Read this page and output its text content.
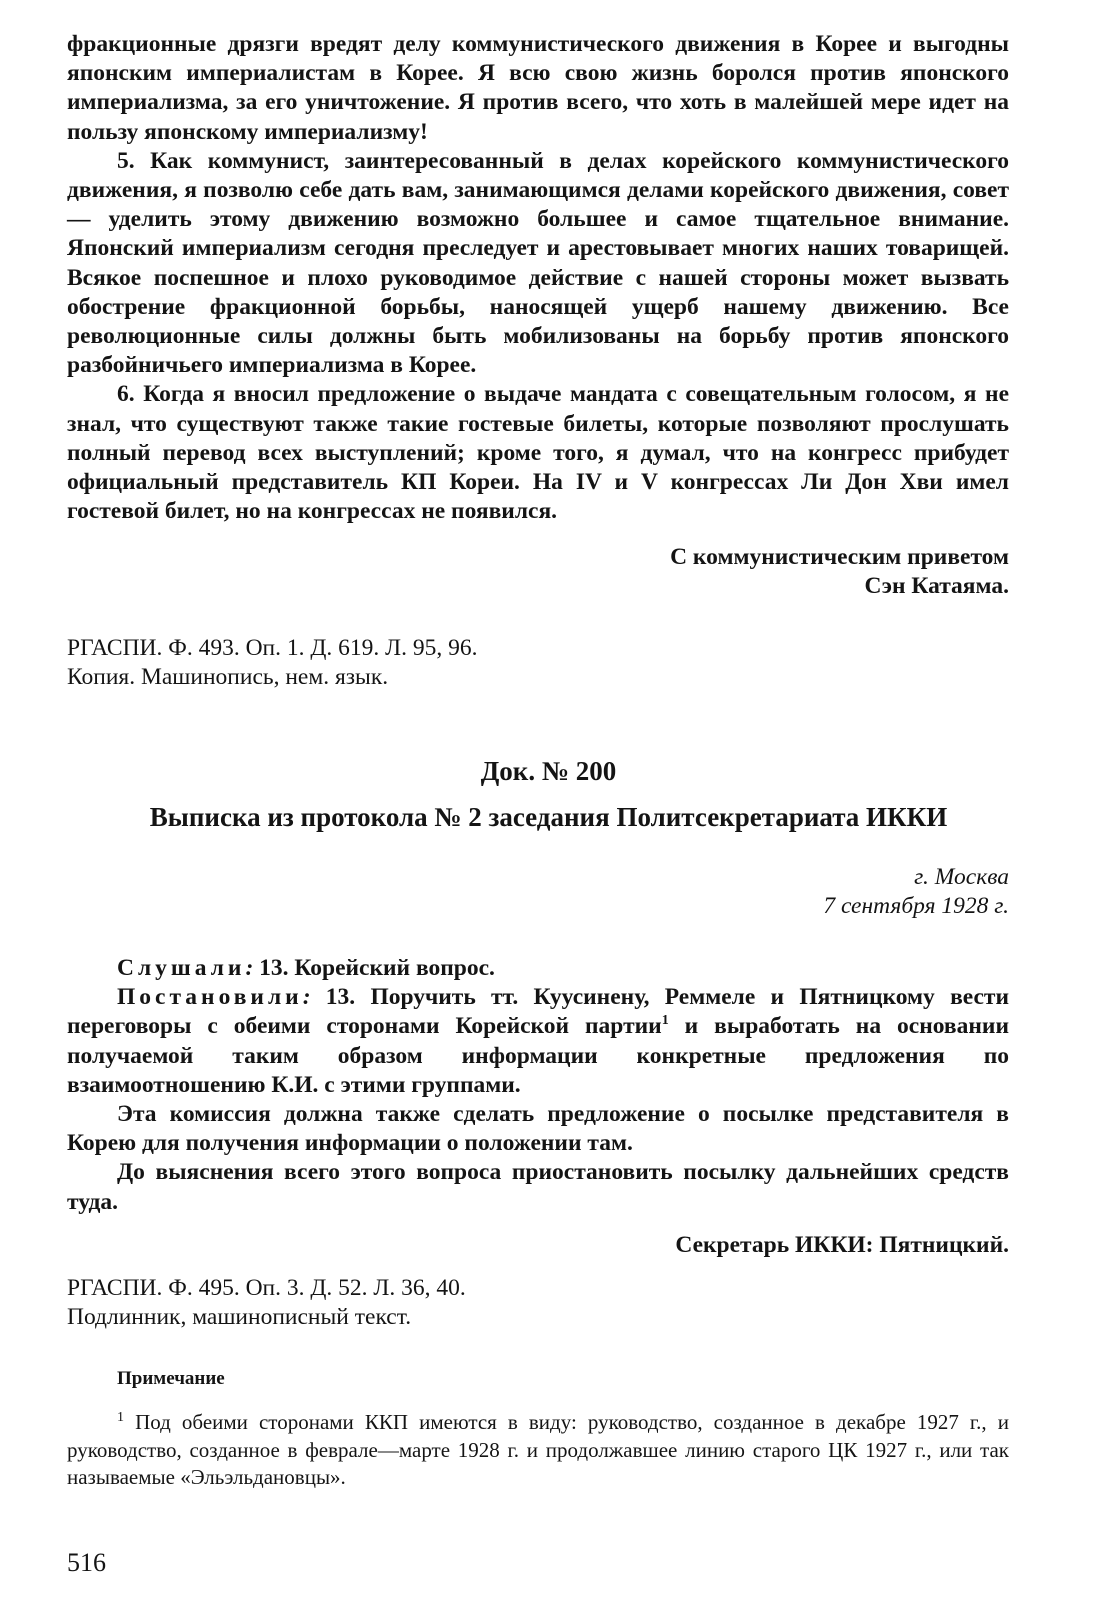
фракционные дрязги вредят делу коммунистического движения в Корее и выгодны японским империалистам в Корее. Я всю свою жизнь боролся против японского империализма, за его уничтожение. Я против всего, что хоть в малейшей мере идет на пользу японскому империализму!

5. Как коммунист, заинтересованный в делах корейского коммунистического движения, я позволю себе дать вам, занимающимся делами корейского движения, совет — уделить этому движению возможно большее и самое тщательное внимание. Японский империализм сегодня преследует и арестовывает многих наших товарищей. Всякое поспешное и плохо руководимое действие с нашей стороны может вызвать обострение фракционной борьбы, наносящей ущерб нашему движению. Все революционные силы должны быть мобилизованы на борьбу против японского разбойничьего империализма в Корее.

6. Когда я вносил предложение о выдаче мандата с совещательным голосом, я не знал, что существуют также такие гостевые билеты, которые позволяют прослушать полный перевод всех выступлений; кроме того, я думал, что на конгресс прибудет официальный представитель КП Кореи. На IV и V конгрессах Ли Дон Хви имел гостевой билет, но на конгрессах не появился.

С коммунистическим приветом
Сэн Катаяма.
РГАСПИ. Ф. 493. Оп. 1. Д. 619. Л. 95, 96.
Копия. Машинопись, нем. язык.
Док. № 200
Выписка из протокола № 2 заседания Политсекретариата ИККИ
г. Москва
7 сентября 1928 г.

Слушали: 13. Корейский вопрос.

Постановили: 13. Поручить тт. Куусинену, Реммеле и Пятницкому вести переговоры с обеими сторонами Корейской партии$^1$ и выработать на основании получаемой таким образом информации конкретные предложения по взаимоотношению К.И. с этими группами.

Эта комиссия должна также сделать предложение о посылке представителя в Корею для получения информации о положении там.

До выяснения всего этого вопроса приостановить посылку дальнейших средств туда.

Секретарь ИККИ: Пятницкий.
РГАСПИ. Ф. 495. Оп. 3. Д. 52. Л. 36, 40.
Подлинник, машинописный текст.
Примечание

$^1$ Под обеими сторонами ККП имеются в виду: руководство, созданное в декабре 1927 г., и руководство, созданное в феврале—марте 1928 г. и продолжавшее линию старого ЦК 1927 г., или так называемые «Эльэльдановцы».

516
